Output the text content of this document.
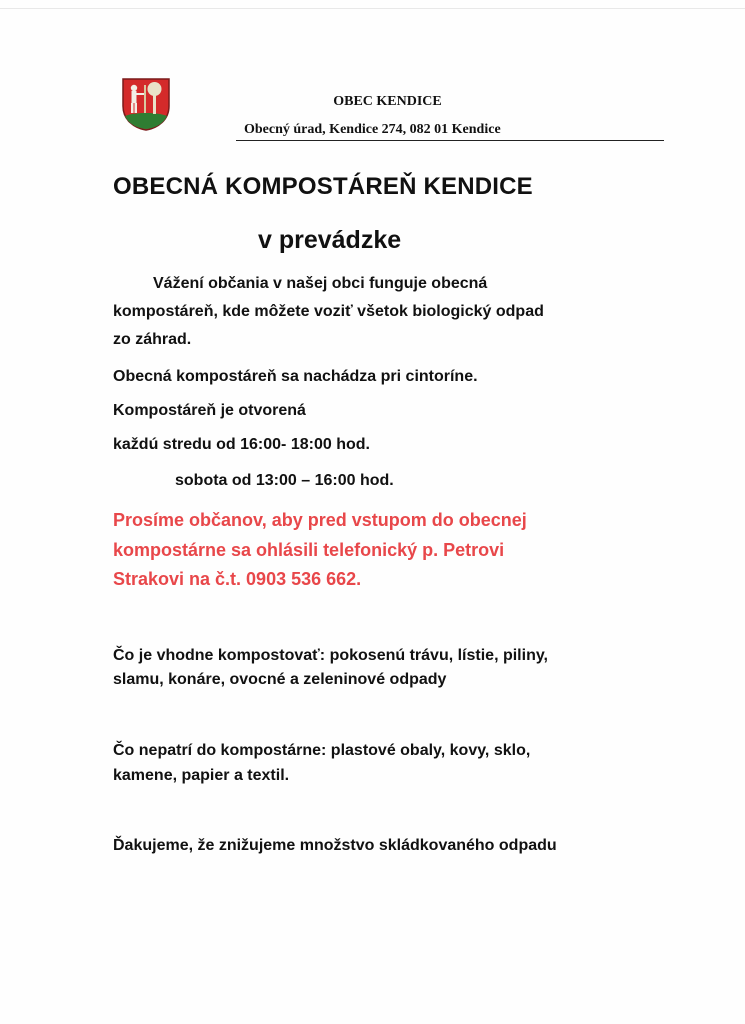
OBEC KENDICE
Obecný úrad, Kendice 274, 082 01 Kendice
OBECNÁ KOMPOSTÁREŇ KENDICE
v prevádzke
Vážení občania v našej obci funguje obecná
kompostáreň, kde môžete voziť všetok biologický odpad
zo záhrad.
Obecná kompostáreň sa nachádza pri cintoríne.
Kompostáreň je otvorená
každú stredu od 16:00- 18:00 hod.
sobota od 13:00 – 16:00 hod.
Prosíme občanov, aby pred vstupom do obecnej
kompostárne sa ohlásili telefonický p. Petrovi
Strakovi na č.t. 0903 536 662.
Čo je vhodne kompostovať: pokosenú trávu, lístie, piliny,
slamu, konáre, ovocné a zeleninové odpady
Čo nepatrí do kompostárne: plastové obaly, kovy, sklo,
kamene, papier a textil.
Ďakujeme, že znižujeme množstvo skládkovaného odpadu
